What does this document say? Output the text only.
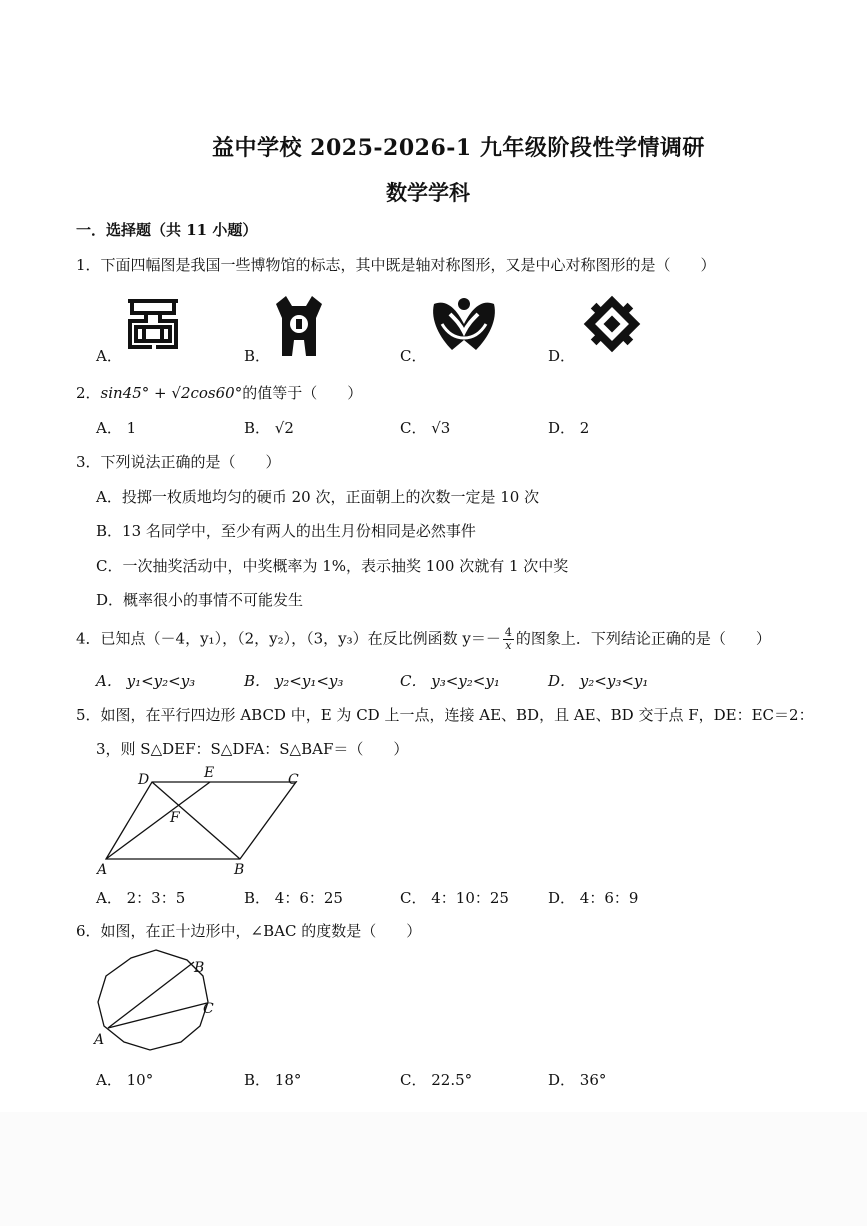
益中学校 2025-2026-1 九年级阶段性学情调研
数学学科
一．选择题（共 11 小题）
1．下面四幅图是我国一些博物馆的标志，其中既是轴对称图形，又是中心对称图形的是（　　）
A．	B．	C．	D．
2．sin45° + √2cos60°的值等于（　　）
A． 1	B． √2	C． √3	D． 2
3．下列说法正确的是（　　）
A．投掷一枚质地均匀的硬币 20 次，正面朝上的次数一定是 10 次
B．13 名同学中，至少有两人的出生月份相同是必然事件
C．一次抽奖活动中，中奖概率为 1%，表示抽奖 100 次就有 1 次中奖
D．概率很小的事情不可能发生
4．已知点（－4，y₁），（2，y₂），（3，y₃）在反比例函数 $y=- \frac{4}{x}$ 的图象上．下列结论正确的是（　　）
A． y₁<y₂<y₃	B． y₂<y₁<y₃	C． y₃<y₂<y₁	D． y₂<y₃<y₁
5．如图，在平行四边形 ABCD 中，E 为 CD 上一点，连接 AE、BD，且 AE、BD 交于点 F，DE：EC＝2：
3，则 S△DEF：S△DFA：S△BAF＝（　　）
D	E	C
F
A	B
A． 2：3：5	B． 4：6：25	C． 4：10：25	D． 4：6：9
6．如图，在正十边形中，∠BAC 的度数是（　　）
B
C
A
A． 10°	B． 18°	C． 22.5°	D． 36°
